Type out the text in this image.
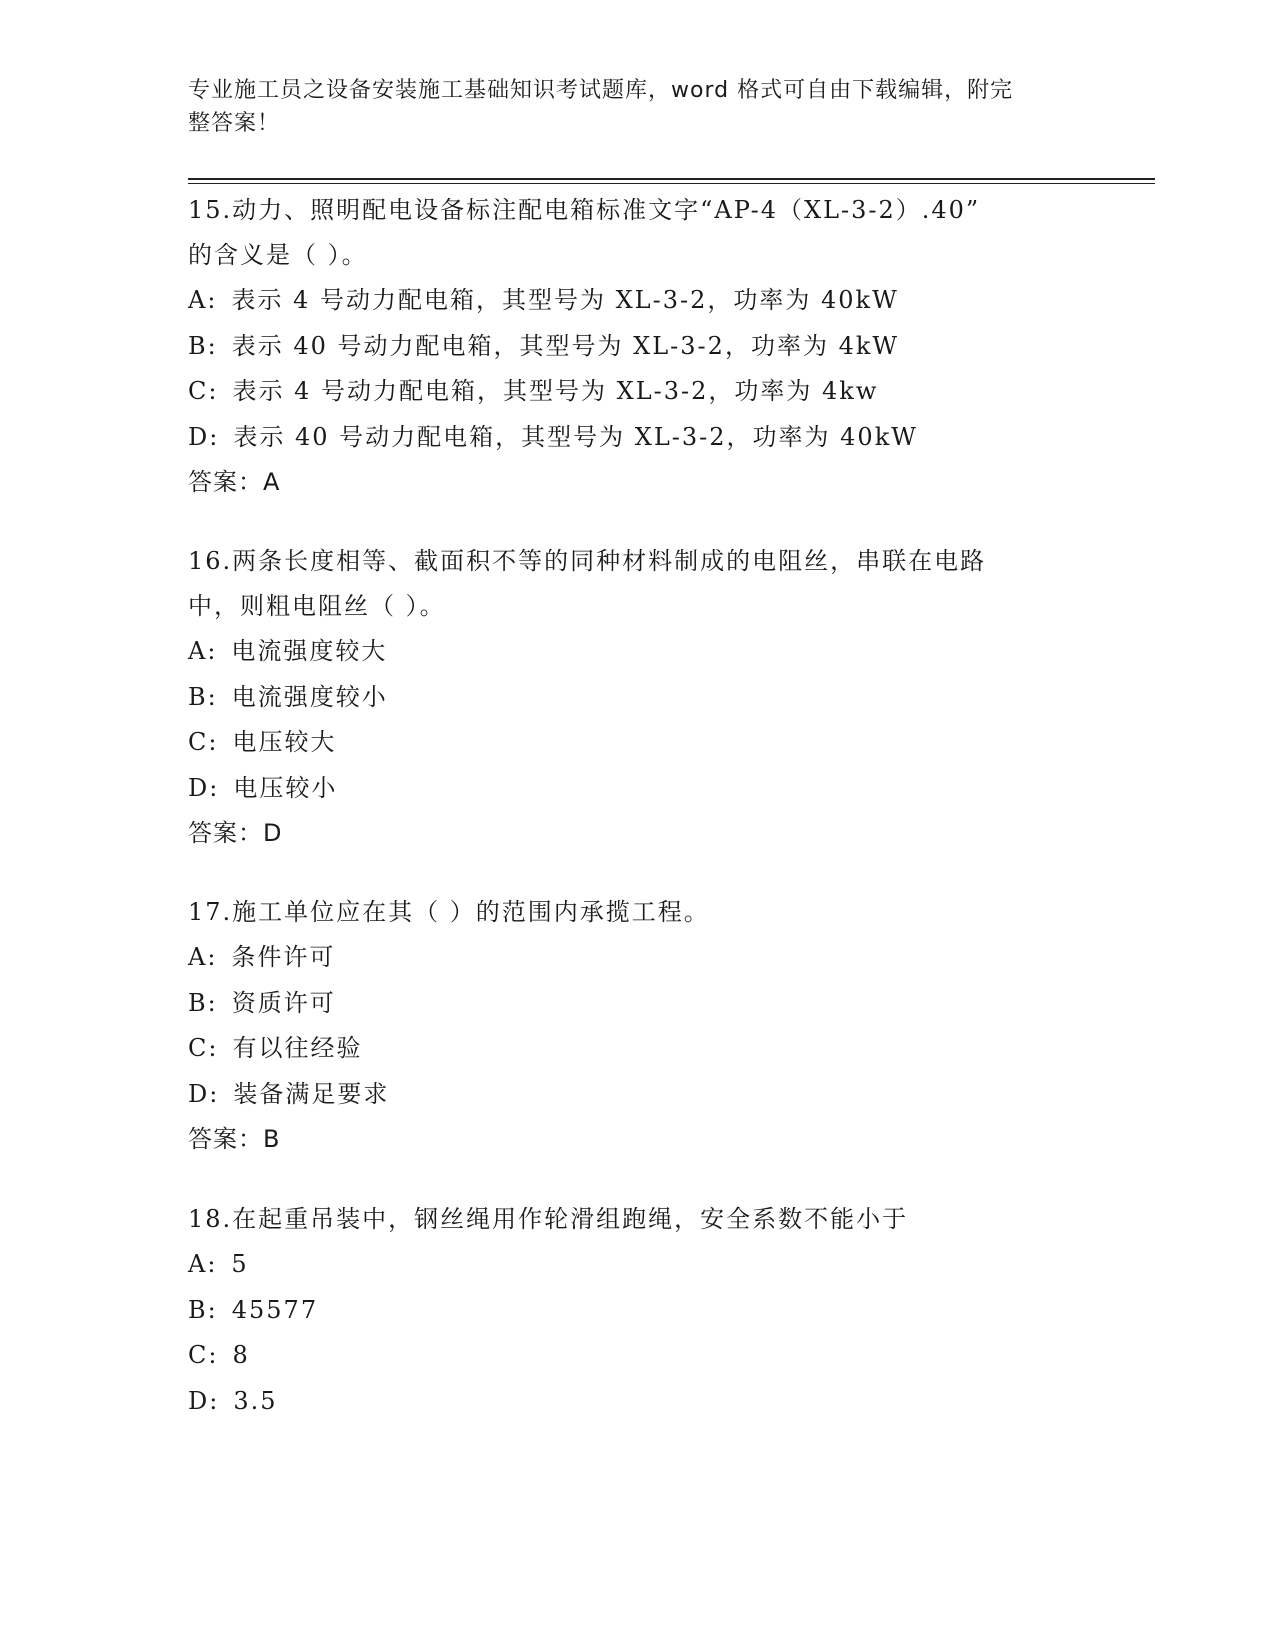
专业施工员之设备安装施工基础知识考试题库，word 格式可自由下载编辑，附完
整答案！
15.动力、照明配电设备标注配电箱标准文字“AP-4（XL-3-2）.40”
的含义是（ ）。
A: 表示 4 号动力配电箱，其型号为 XL-3-2，功率为 40kW
B: 表示 40 号动力配电箱，其型号为 XL-3-2，功率为 4kW
C: 表示 4 号动力配电箱，其型号为 XL-3-2，功率为 4kw
D: 表示 40 号动力配电箱，其型号为 XL-3-2，功率为 40kW
答案：A
16.两条长度相等、截面积不等的同种材料制成的电阻丝，串联在电路
中，则粗电阻丝（ ）。
A: 电流强度较大
B: 电流强度较小
C: 电压较大
D: 电压较小
答案：D
17.施工单位应在其（ ）的范围内承揽工程。
A: 条件许可
B: 资质许可
C: 有以往经验
D: 装备满足要求
答案：B
18.在起重吊装中，钢丝绳用作轮滑组跑绳，安全系数不能小于
A: 5
B: 45577
C: 8
D: 3.5
